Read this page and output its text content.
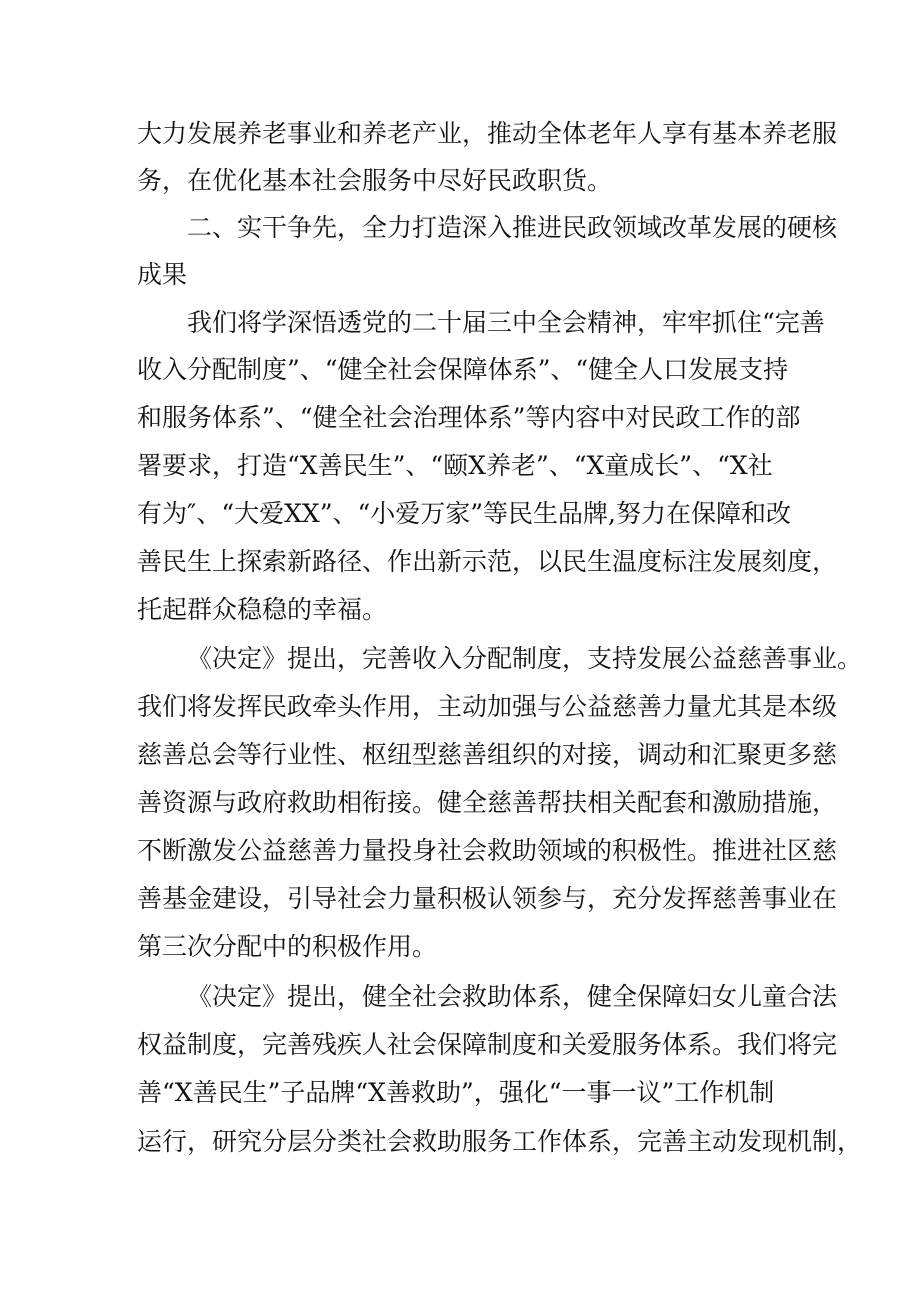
大力发展养老事业和养老产业，推动全体老年人享有基本养老服

务，在优化基本社会服务中尽好民政职货。

二、实干争先，全力打造深入推进民政领域改革发展的硬核

成果

我们将学深悟透党的二十届三中全会精神，牢牢抓住“完善

收入分配制度”、“健全社会保障体系”、“健全人口发展支持

和服务体系”、“健全社会治理体系”等内容中对民政工作的部

署要求，打造“X善民生”、“颐X养老”、“X童成长”、“X社

有为″、“大爱XX”、“小爱万家”等民生品牌,努力在保障和改

善民生上探索新路径、作出新示范，以民生温度标注发展刻度，

托起群众稳稳的幸福。

《决定》提出，完善收入分配制度，支持发展公益慈善事业。

我们将发挥民政牵头作用，主动加强与公益慈善力量尤其是本级

慈善总会等行业性、枢纽型慈善组织的对接，调动和汇聚更多慈

善资源与政府救助相衔接。健全慈善帮扶相关配套和激励措施，

不断激发公益慈善力量投身社会救助领域的积极性。推进社区慈

善基金建设，引导社会力量积极认领参与，充分发挥慈善事业在

第三次分配中的积极作用。

《决定》提出，健全社会救助体系，健全保障妇女儿童合法

权益制度，完善残疾人社会保障制度和关爱服务体系。我们将完

善“X善民生”子品牌“X善救助”，强化“一事一议”工作机制

运行，研究分层分类社会救助服务工作体系，完善主动发现机制，
